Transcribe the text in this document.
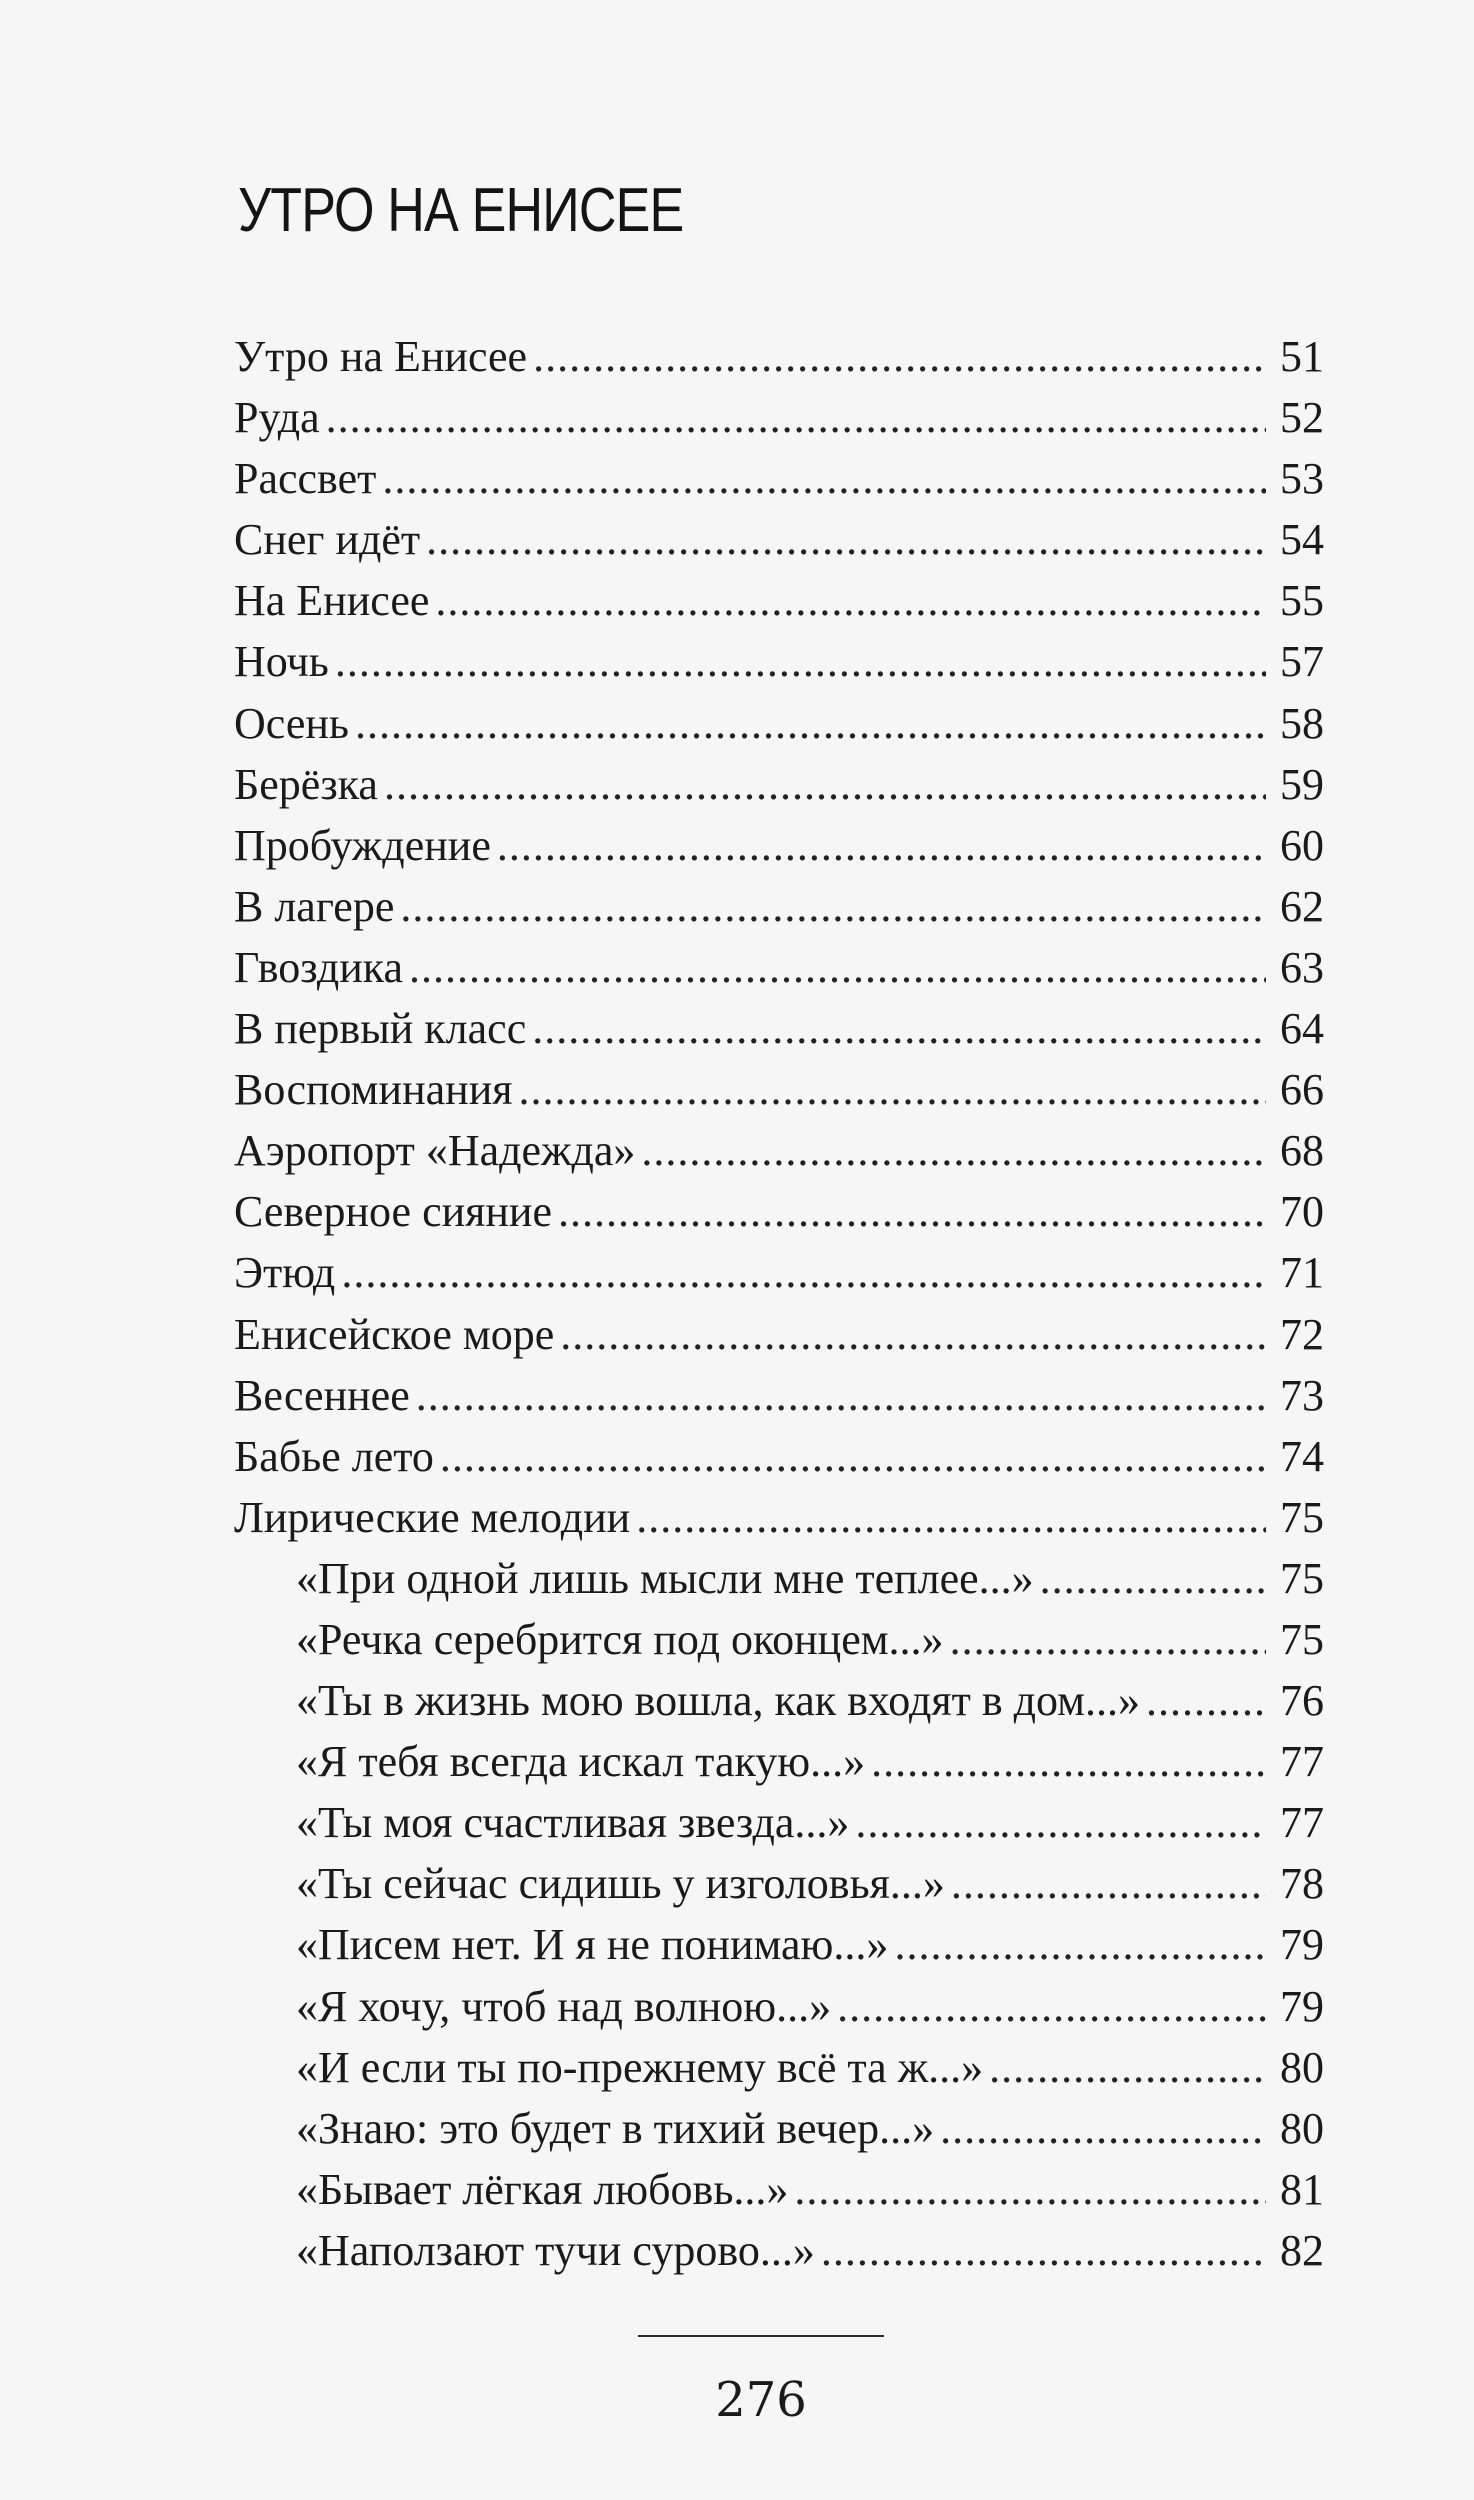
УТРО НА ЕНИСЕЕ
Утро на Енисее .....	51
Руда .....	52
Рассвет .....	53
Снег идёт .....	54
На Енисее .....	55
Ночь .....	57
Осень .....	58
Берёзка .....	59
Пробуждение .....	60
В лагере .....	62
Гвоздика .....	63
В первый класс .....	64
Воспоминания .....	66
Аэропорт «Надежда» .....	68
Северное сияние .....	70
Этюд .....	71
Енисейское море .....	72
Весеннее .....	73
Бабье лето .....	74
Лирические мелодии .....	75
«При одной лишь мысли мне теплее...» .....	75
«Речка серебрится под оконцем...» .....	75
«Ты в жизнь мою вошла, как входят в дом...» .....	76
«Я тебя всегда искал такую...» .....	77
«Ты моя счастливая звезда...» .....	77
«Ты сейчас сидишь у изголовья...» .....	78
«Писем нет. И я не понимаю...» .....	79
«Я хочу, чтоб над волною...» .....	79
«И если ты по-прежнему всё та ж...» .....	80
«Знаю: это будет в тихий вечер...» .....	80
«Бывает лёгкая любовь...» .....	81
«Наползают тучи сурово...» .....	82
276
